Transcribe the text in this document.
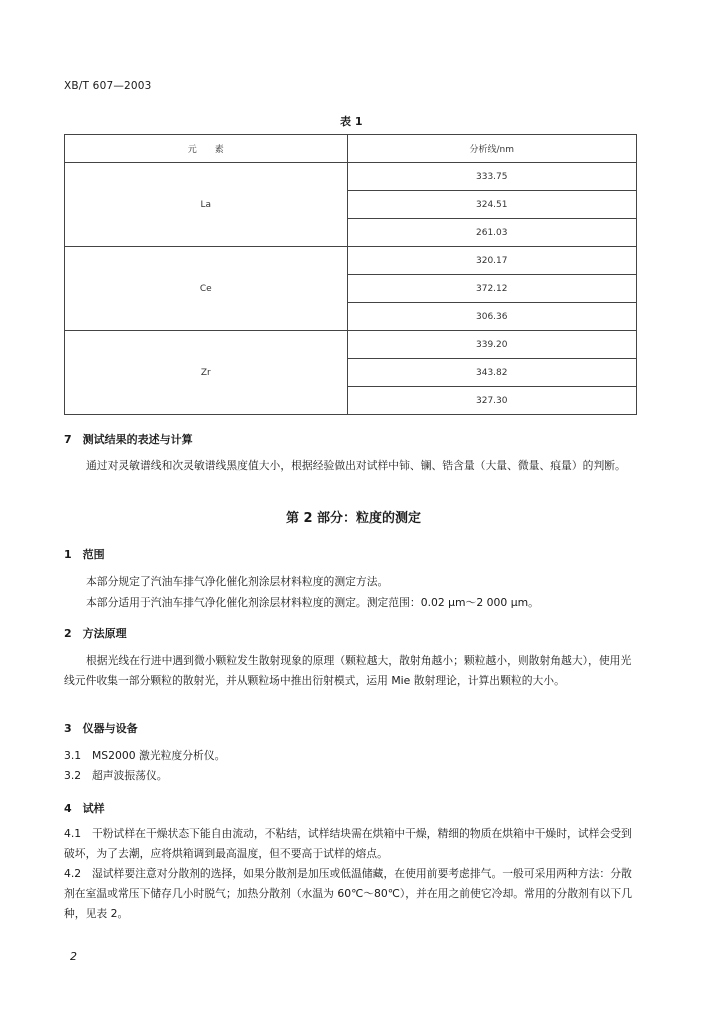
XB/T 607—2003
表 1
元　　素	分析线/nm
La	333.75
	324.51
	261.03
Ce	320.17
	372.12
	306.36
Zr	339.20
	343.82
	327.30
7　测试结果的表述与计算
通过对灵敏谱线和次灵敏谱线黑度值大小，根据经验做出对试样中铈、镧、锆含量（大量、微量、痕量）的判断。
第 2 部分：粒度的测定
1　范围
本部分规定了汽油车排气净化催化剂涂层材料粒度的测定方法。
本部分适用于汽油车排气净化催化剂涂层材料粒度的测定。测定范围：0.02 μm～2 000 μm。
2　方法原理
根据光线在行进中遇到微小颗粒发生散射现象的原理（颗粒越大，散射角越小；颗粒越小，则散射角越大），使用光线元件收集一部分颗粒的散射光，并从颗粒场中推出衍射模式，运用 Mie 散射理论，计算出颗粒的大小。
3　仪器与设备
3.1　MS2000 激光粒度分析仪。
3.2　超声波振荡仪。
4　试样
4.1　干粉试样在干燥状态下能自由流动，不粘结，试样结块需在烘箱中干燥，精细的物质在烘箱中干燥时，试样会受到破坏，为了去潮，应将烘箱调到最高温度，但不要高于试样的熔点。
4.2　湿试样要注意对分散剂的选择，如果分散剂是加压或低温储藏，在使用前要考虑排气。一般可采用两种方法：分散剂在室温或常压下储存几小时脱气；加热分散剂（水温为 60℃～80℃），并在用之前使它冷却。常用的分散剂有以下几种，见表 2。
2
